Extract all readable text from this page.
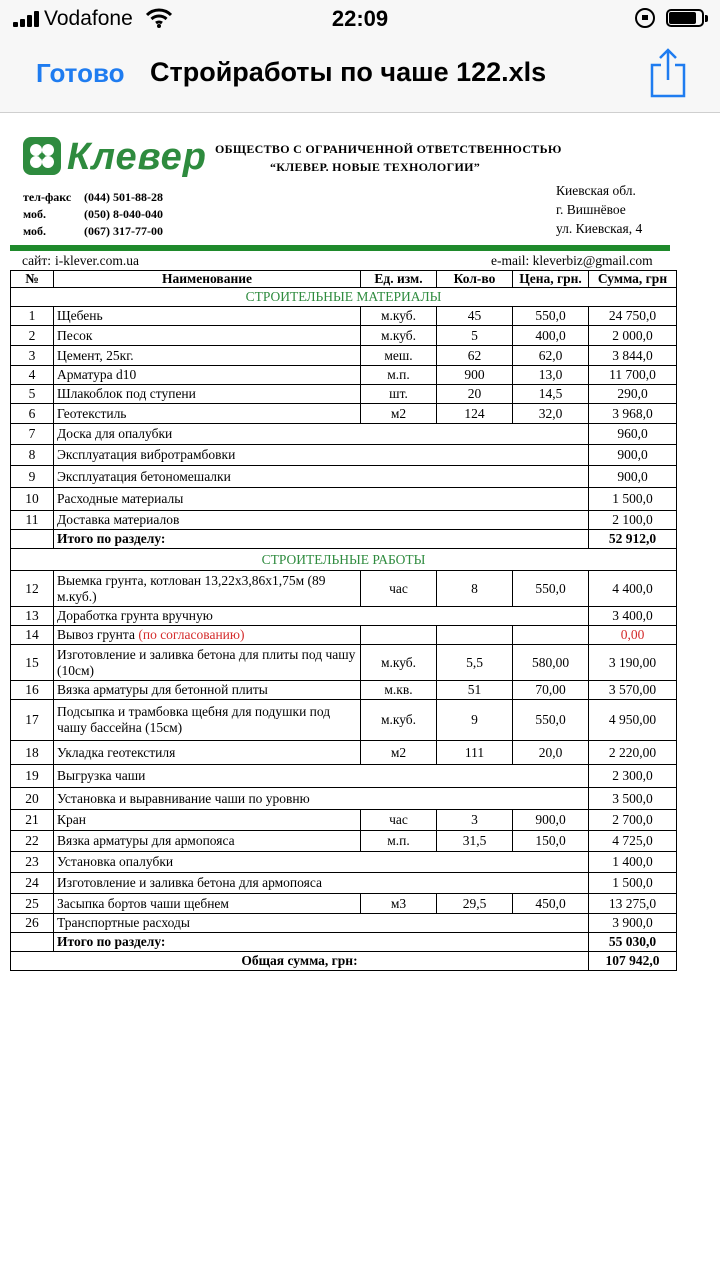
Vodafone	22:09
Готово Стройработы по чаше 122.xls
Клевер ОБЩЕСТВО С ОГРАНИЧЕННОЙ ОТВЕТСТВЕННОСТЬЮ
“КЛЕВЕР. НОВЫЕ ТЕХНОЛОГИИ”
тел-факс (044) 501-88-28
моб.	(050) 8-040-040
моб.	(067) 317-77-00
Киевская обл.
г. Вишнёвое
ул. Киевская, 4
сайт: i-klever.com.ua	e-mail: kleverbiz@gmail.com
№	Наименование	Ед. изм.	Кол-во	Цена, грн.	Сумма, грн
СТРОИТЕЛЬНЫЕ МАТЕРИАЛЫ					
1	Щебень	м.куб.	45	550,0	24 750,0
2	Песок	м.куб.	5	400,0	2 000,0
3	Цемент, 25кг.	меш.	62	62,0	3 844,0
4	Арматура d10	м.п.	900	13,0	11 700,0
5	Шлакоблок под ступени	шт.	20	14,5	290,0
6	Геотекстиль	м2	124	32,0	3 968,0
7	Доска для опалубки				960,0
8	Эксплуатация вибротрамбовки				900,0
9	Эксплуатация бетономешалки				900,0
10	Расходные материалы				1 500,0
11	Доставка материалов				2 100,0
	Итого по разделу:				52 912,0
СТРОИТЕЛЬНЫЕ РАБОТЫ					
12	Выемка грунта, котлован 13,22х3,86х1,75м (89 м.куб.)	час	8	550,0	4 400,0
13	Доработка грунта вручную				3 400,0
14	Вывоз грунта (по согласованию)				0,00
15	Изготовление и заливка бетона для плиты под чашу (10см)	м.куб.	5,5	580,00	3 190,00
16	Вязка арматуры для бетонной плиты	м.кв.	51	70,00	3 570,00
17	Подсыпка и трамбовка щебня для подушки под чашу бассейна (15см)	м.куб.	9	550,0	4 950,00
18	Укладка геотекстиля	м2	111	20,0	2 220,00
19	Выгрузка чаши				2 300,0
20	Установка и выравнивание чаши по уровню				3 500,0
21	Кран	час	3	900,0	2 700,0
22	Вязка арматуры для армопояса	м.п.	31,5	150,0	4 725,0
23	Установка опалубки				1 400,0
24	Изготовление и заливка бетона для армопояса				1 500,0
25	Засыпка бортов чаши щебнем	м3	29,5	450,0	13 275,0
26	Транспортные расходы				3 900,0
	Итого по разделу:				55 030,0
Общая сумма, грн:					107 942,0
